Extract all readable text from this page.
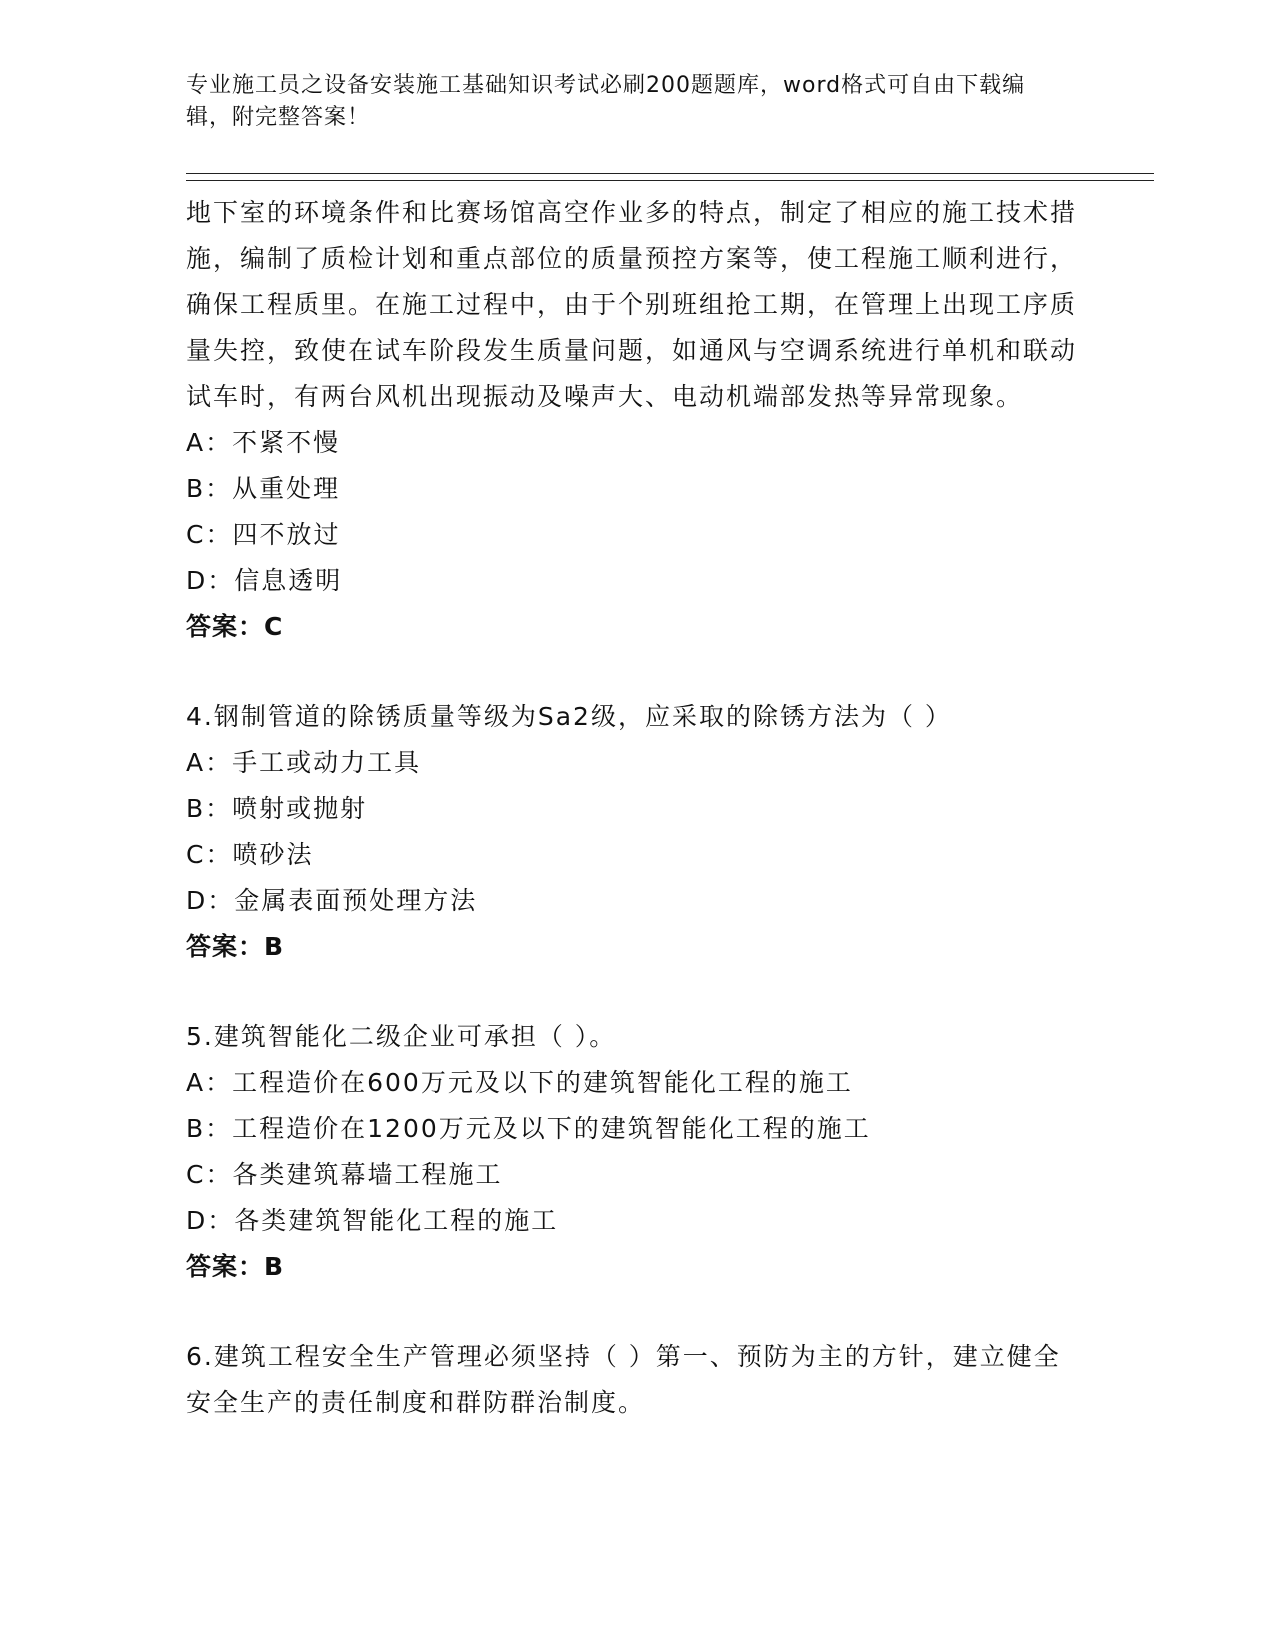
专业施工员之设备安装施工基础知识考试必刷200题题库，word格式可自由下载编辑，附完整答案！

地下室的环境条件和比赛场馆高空作业多的特点，制定了相应的施工技术措施，编制了质检计划和重点部位的质量预控方案等，使工程施工顺利进行，确保工程质里。在施工过程中，由于个别班组抢工期，在管理上出现工序质量失控，致使在试车阶段发生质量问题，如通风与空调系统进行单机和联动试车时，有两台风机出现振动及噪声大、电动机端部发热等异常现象。

A：不紧不慢

B：从重处理

C：四不放过

D：信息透明

答案：C

4.钢制管道的除锈质量等级为Sa2级，应采取的除锈方法为（ ）

A：手工或动力工具

B：喷射或抛射

C：喷砂法

D：金属表面预处理方法

答案：B

5.建筑智能化二级企业可承担（ ）。

A：工程造价在600万元及以下的建筑智能化工程的施工

B：工程造价在1200万元及以下的建筑智能化工程的施工

C：各类建筑幕墙工程施工

D：各类建筑智能化工程的施工

答案：B

6.建筑工程安全生产管理必须坚持（ ）第一、预防为主的方针，建立健全安全生产的责任制度和群防群治制度。
